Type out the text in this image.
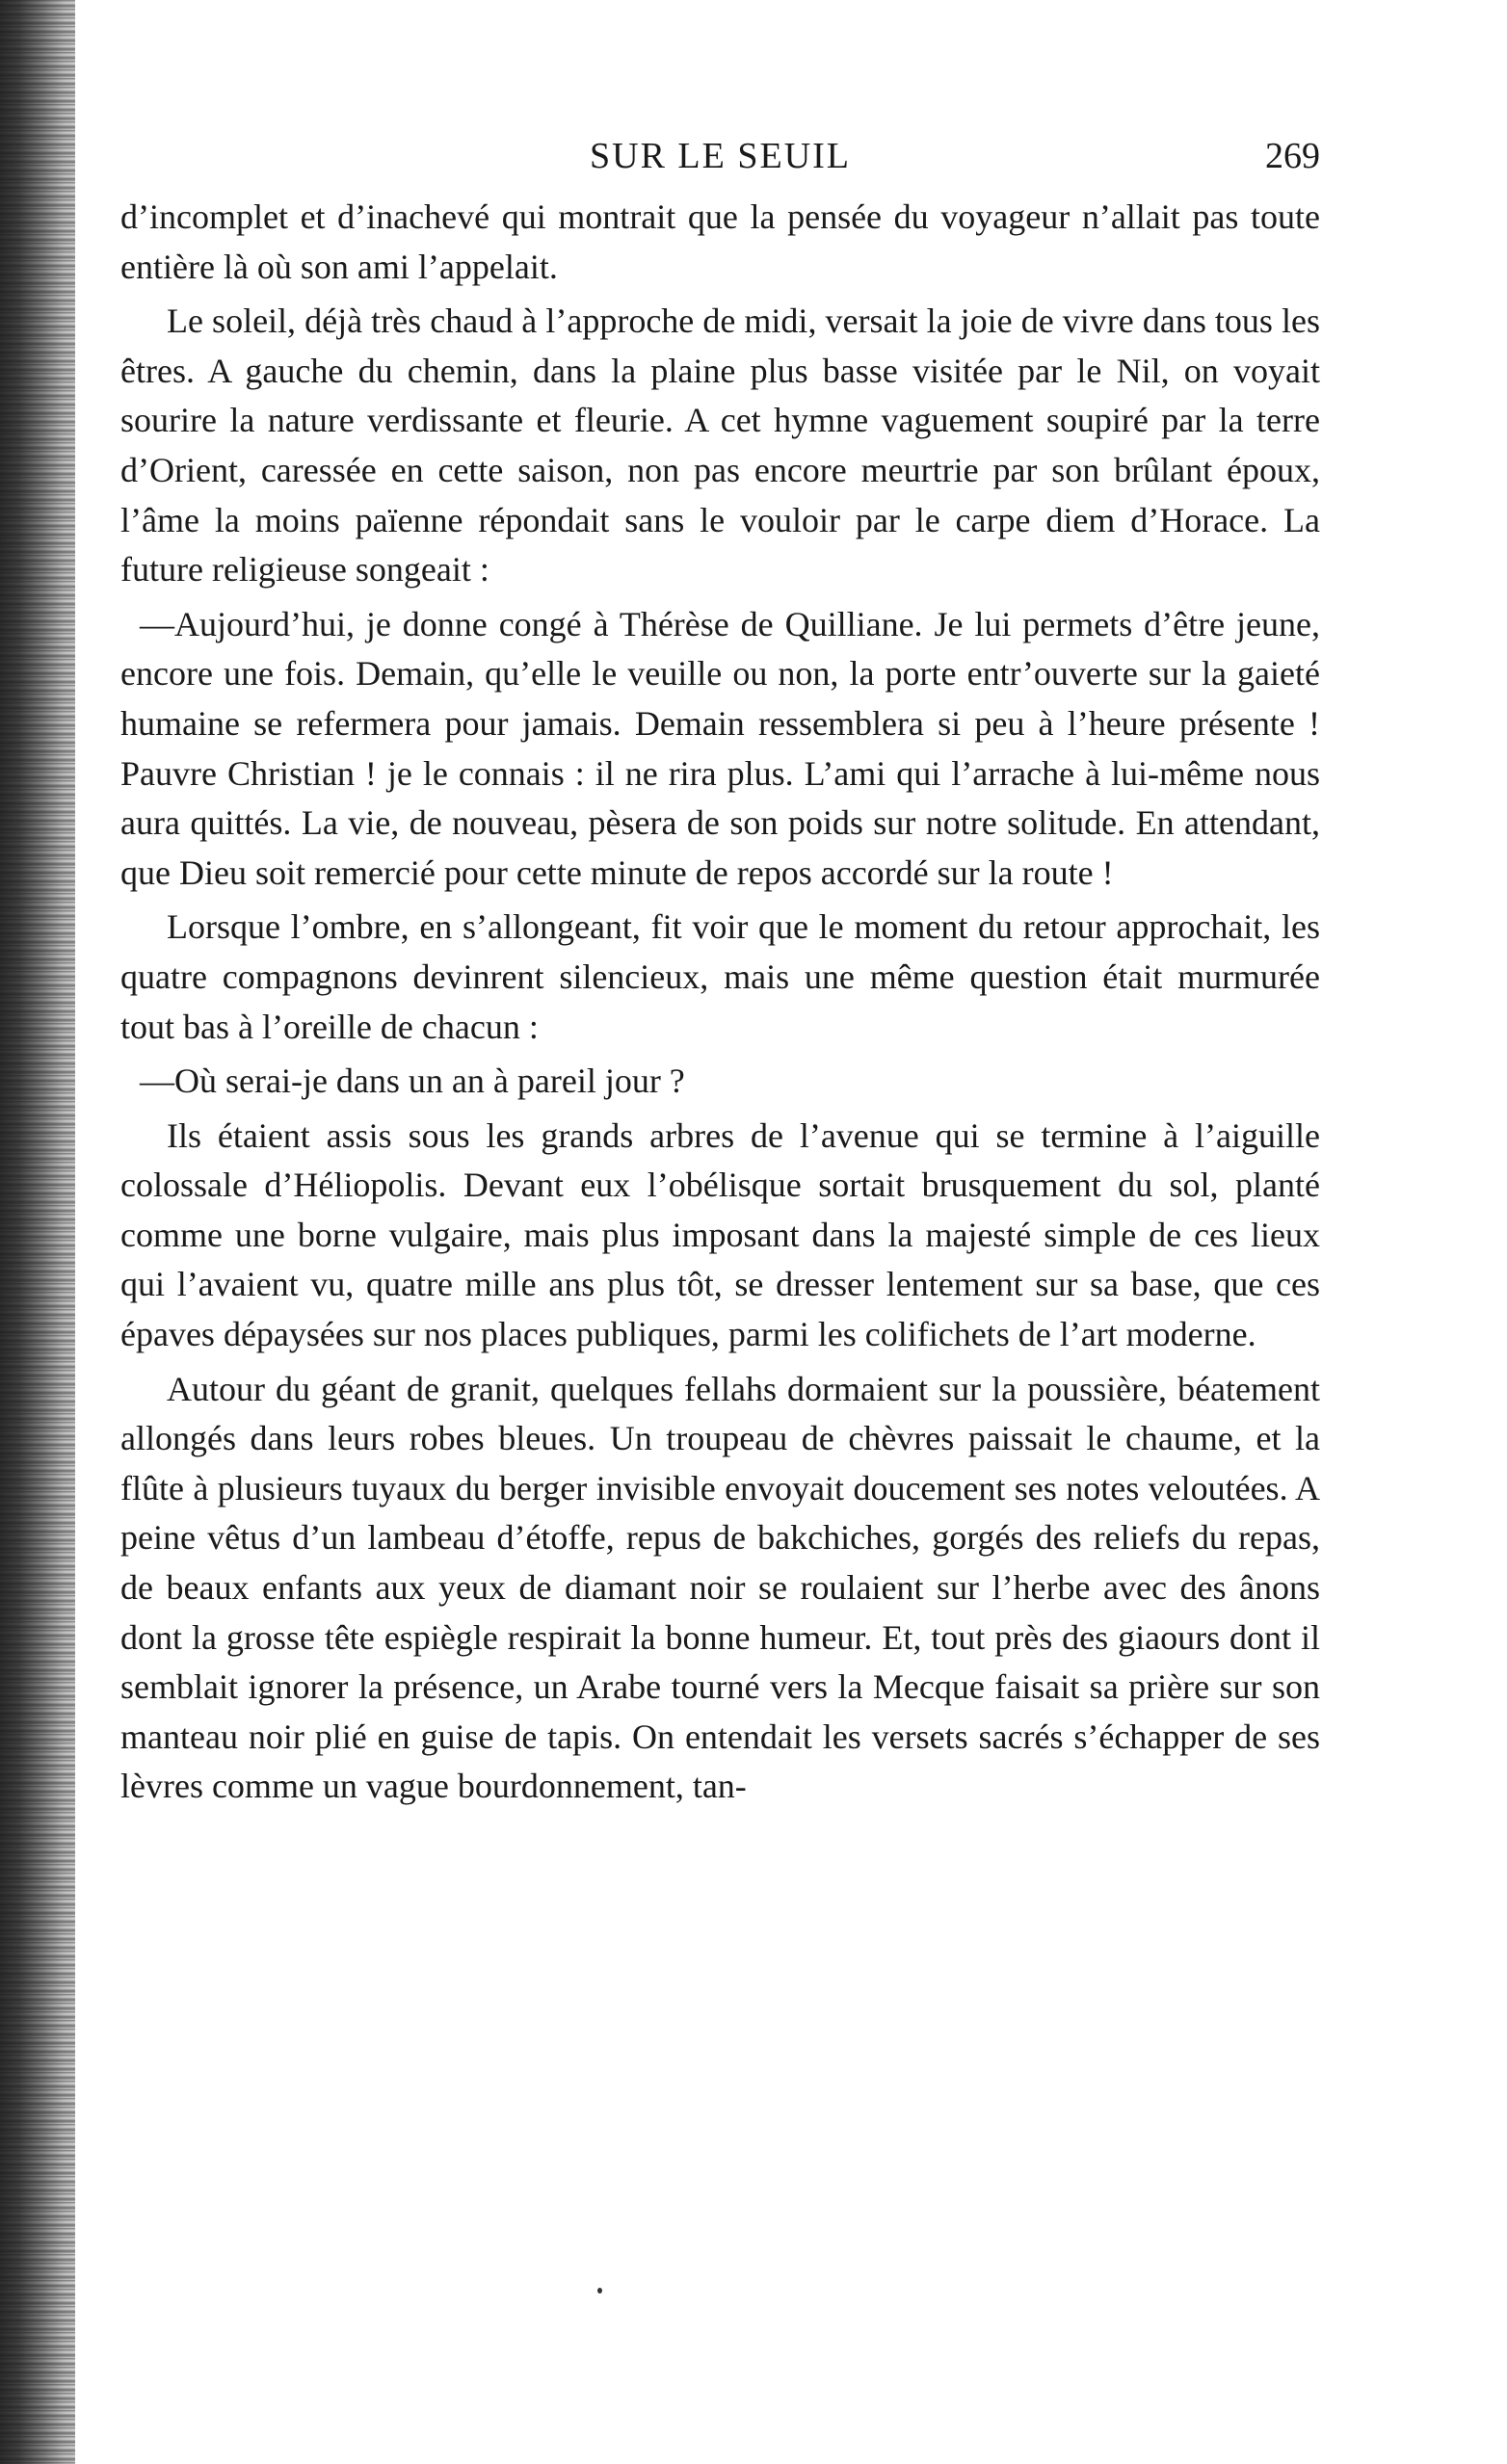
SUR LE SEUIL	269

d’incomplet et d’inachevé qui montrait que la pensée du voyageur n’allait pas toute entière là où son ami l’appelait.

Le soleil, déjà très chaud à l’approche de midi, versait la joie de vivre dans tous les êtres. A gauche du chemin, dans la plaine plus basse visitée par le Nil, on voyait sourire la nature verdissante et fleurie. A cet hymne vaguement soupiré par la terre d’Orient, caressée en cette saison, non pas encore meurtrie par son brûlant époux, l’âme la moins païenne répondait sans le vouloir par le carpe diem d’Horace. La future religieuse songeait :

—Aujourd’hui, je donne congé à Thérèse de Quilliane. Je lui permets d’être jeune, encore une fois. Demain, qu’elle le veuille ou non, la porte entr’ouverte sur la gaieté humaine se refermera pour jamais. Demain ressemblera si peu à l’heure présente ! Pauvre Christian ! je le connais : il ne rira plus. L’ami qui l’arrache à lui-même nous aura quittés. La vie, de nouveau, pèsera de son poids sur notre solitude. En attendant, que Dieu soit remercié pour cette minute de repos accordé sur la route !

Lorsque l’ombre, en s’allongeant, fit voir que le moment du retour approchait, les quatre compagnons devinrent silencieux, mais une même question était murmurée tout bas à l’oreille de chacun :

—Où serai-je dans un an à pareil jour ?

Ils étaient assis sous les grands arbres de l’avenue qui se termine à l’aiguille colossale d’Héliopolis. Devant eux l’obélisque sortait brusquement du sol, planté comme une borne vulgaire, mais plus imposant dans la majesté simple de ces lieux qui l’avaient vu, quatre mille ans plus tôt, se dresser lentement sur sa base, que ces épaves dépaysées sur nos places publiques, parmi les colifichets de l’art moderne.

Autour du géant de granit, quelques fellahs dormaient sur la poussière, béatement allongés dans leurs robes bleues. Un troupeau de chèvres paissait le chaume, et la flûte à plusieurs tuyaux du berger invisible envoyait doucement ses notes veloutées. A peine vêtus d’un lambeau d’étoffe, repus de bakchiches, gorgés des reliefs du repas, de beaux enfants aux yeux de diamant noir se roulaient sur l’herbe avec des ânons dont la grosse tête espiègle respirait la bonne humeur. Et, tout près des giaours dont il semblait ignorer la présence, un Arabe tourné vers la Mecque faisait sa prière sur son manteau noir plié en guise de tapis. On entendait les versets sacrés s’échapper de ses lèvres comme un vague bourdonnement, tan-
